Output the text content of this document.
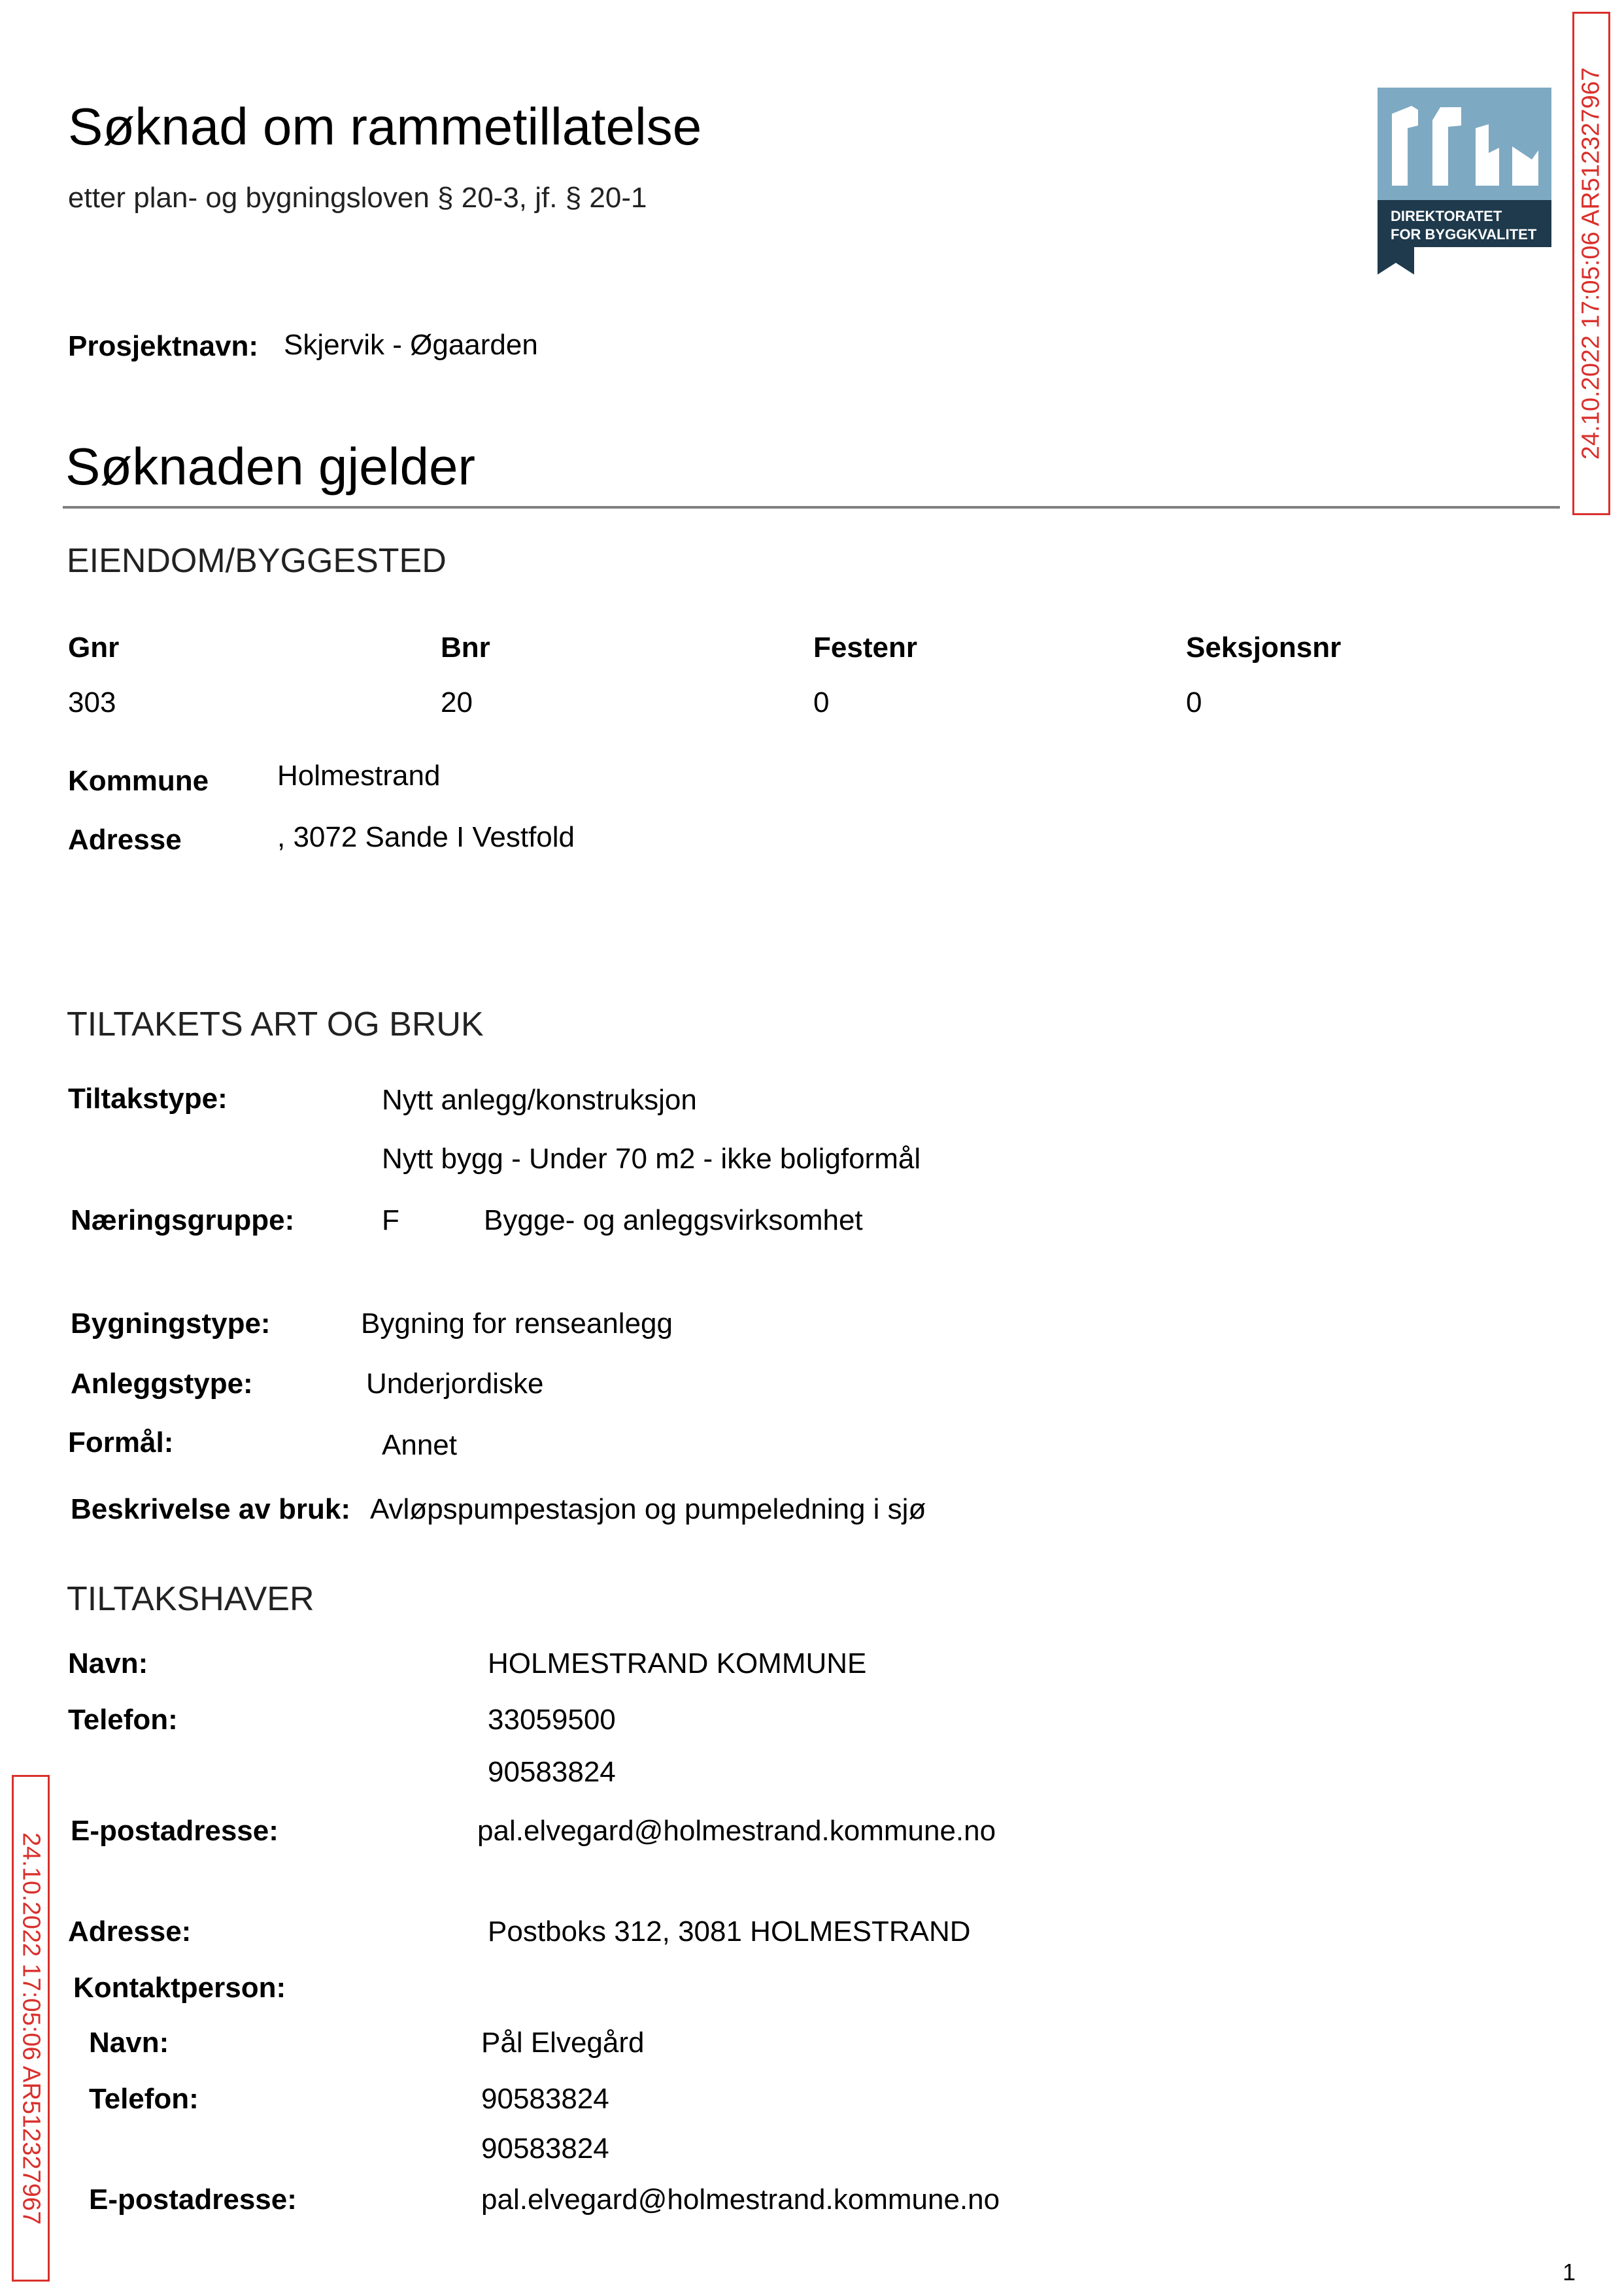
Søknad om rammetillatelse
etter plan- og bygningsloven § 20-3, jf. § 20-1
Prosjektnavn: Skjervik - Øgaarden
DIREKTORATET
FOR BYGGKVALITET 24.10.2022 17:05:06 AR512327967
24.10.2022 17:05:06 AR512327967
Søknaden gjelder
EIENDOM/BYGGESTED
Gnr	Bnr	Festenr	Seksjonsnr
303	20	0	0
Kommune Holmestrand
Adresse	, 3072 Sande I Vestfold
TILTAKETS ART OG BRUK
Tiltakstype:	Nytt anlegg/konstruksjon
Nytt bygg - Under 70 m2 - ikke boligformål
Næringsgruppe:	F	Bygge- og anleggsvirksomhet
Bygningstype:	Bygning for renseanlegg
Anleggstype:	Underjordiske
Formål:	Annet
Beskrivelse av bruk: Avløpspumpestasjon og pumpeledning i sjø
TILTAKSHAVER
Navn:	HOLMESTRAND KOMMUNE
Telefon:	33059500
90583824
E-postadresse:	pal.elvegard@holmestrand.kommune.no
Adresse:	Postboks 312, 3081 HOLMESTRAND
Kontaktperson:
Navn:	Pål Elvegård
Telefon:	90583824
90583824
E-postadresse:	pal.elvegard@holmestrand.kommune.no
1
